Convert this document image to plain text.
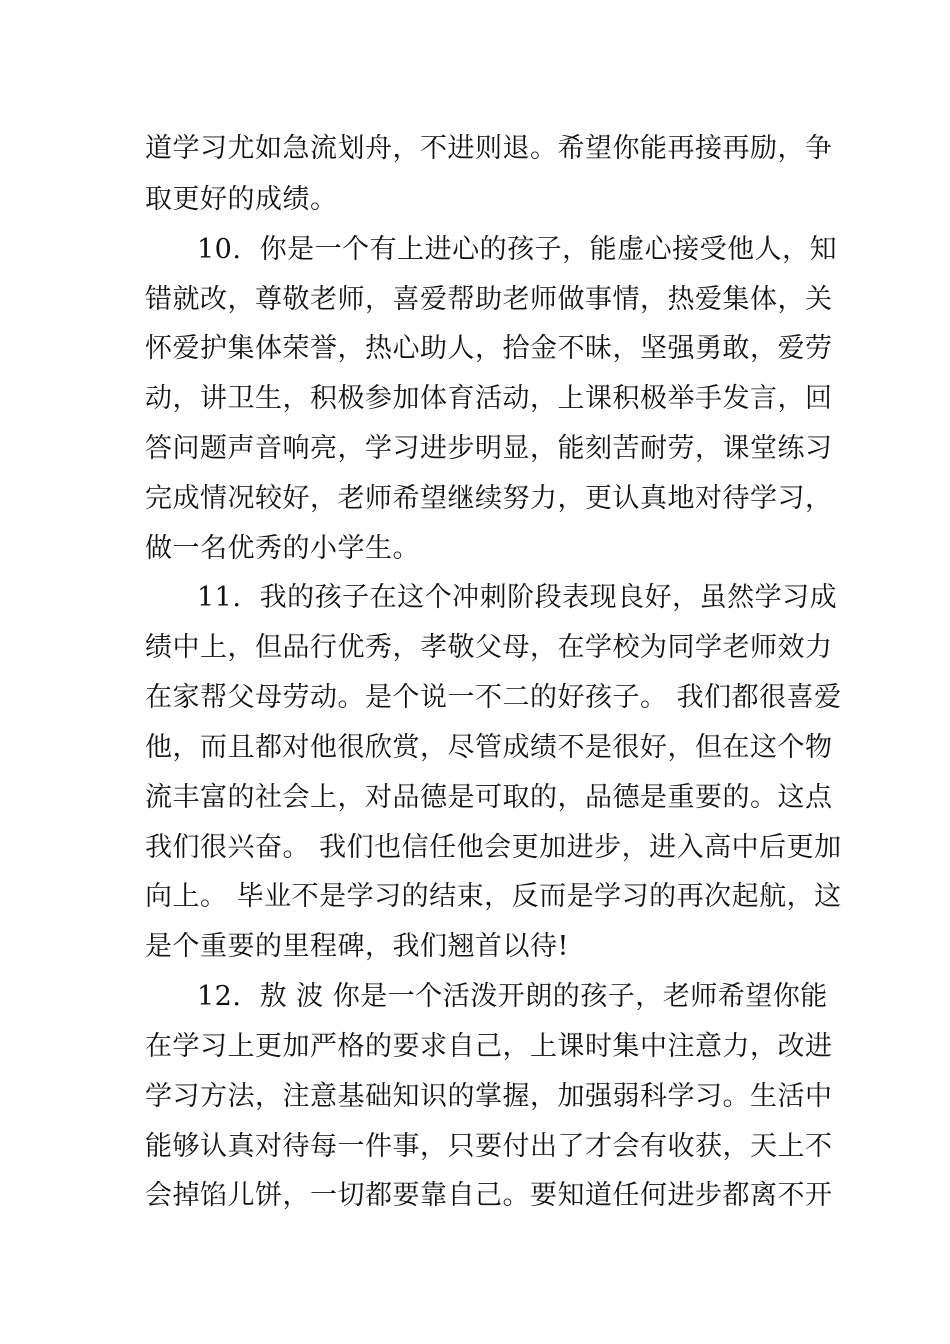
道学习尤如急流划舟，不进则退。希望你能再接再励，争
取更好的成绩。
10.  你是一个有上进心的孩子，能虚心接受他人，知
错就改，尊敬老师，喜爱帮助老师做事情，热爱集体，关
怀爱护集体荣誉，热心助人，拾金不昧，坚强勇敢，爱劳
动，讲卫生，积极参加体育活动，上课积极举手发言，回
答问题声音响亮，学习进步明显，能刻苦耐劳，课堂练习
完成情况较好，老师希望继续努力，更认真地对待学习，
做一名优秀的小学生。
11.  我的孩子在这个冲刺阶段表现良好，虽然学习成
绩中上，但品行优秀，孝敬父母，在学校为同学老师效力
在家帮父母劳动。是个说一不二的好孩子。 我们都很喜爱
他，而且都对他很欣赏，尽管成绩不是很好，但在这个物
流丰富的社会上，对品德是可取的，品德是重要的。这点
我们很兴奋。 我们也信任他会更加进步，进入高中后更加
向上。 毕业不是学习的结束，反而是学习的再次起航，这
是个重要的里程碑，我们翘首以待!
12.  敖 波 你是一个活泼开朗的孩子，老师希望你能
在学习上更加严格的要求自己，上课时集中注意力，改进
学习方法，注意基础知识的掌握，加强弱科学习。生活中
能够认真对待每一件事，只要付出了才会有收获，天上不
会掉馅儿饼，一切都要靠自己。要知道任何进步都离不开
